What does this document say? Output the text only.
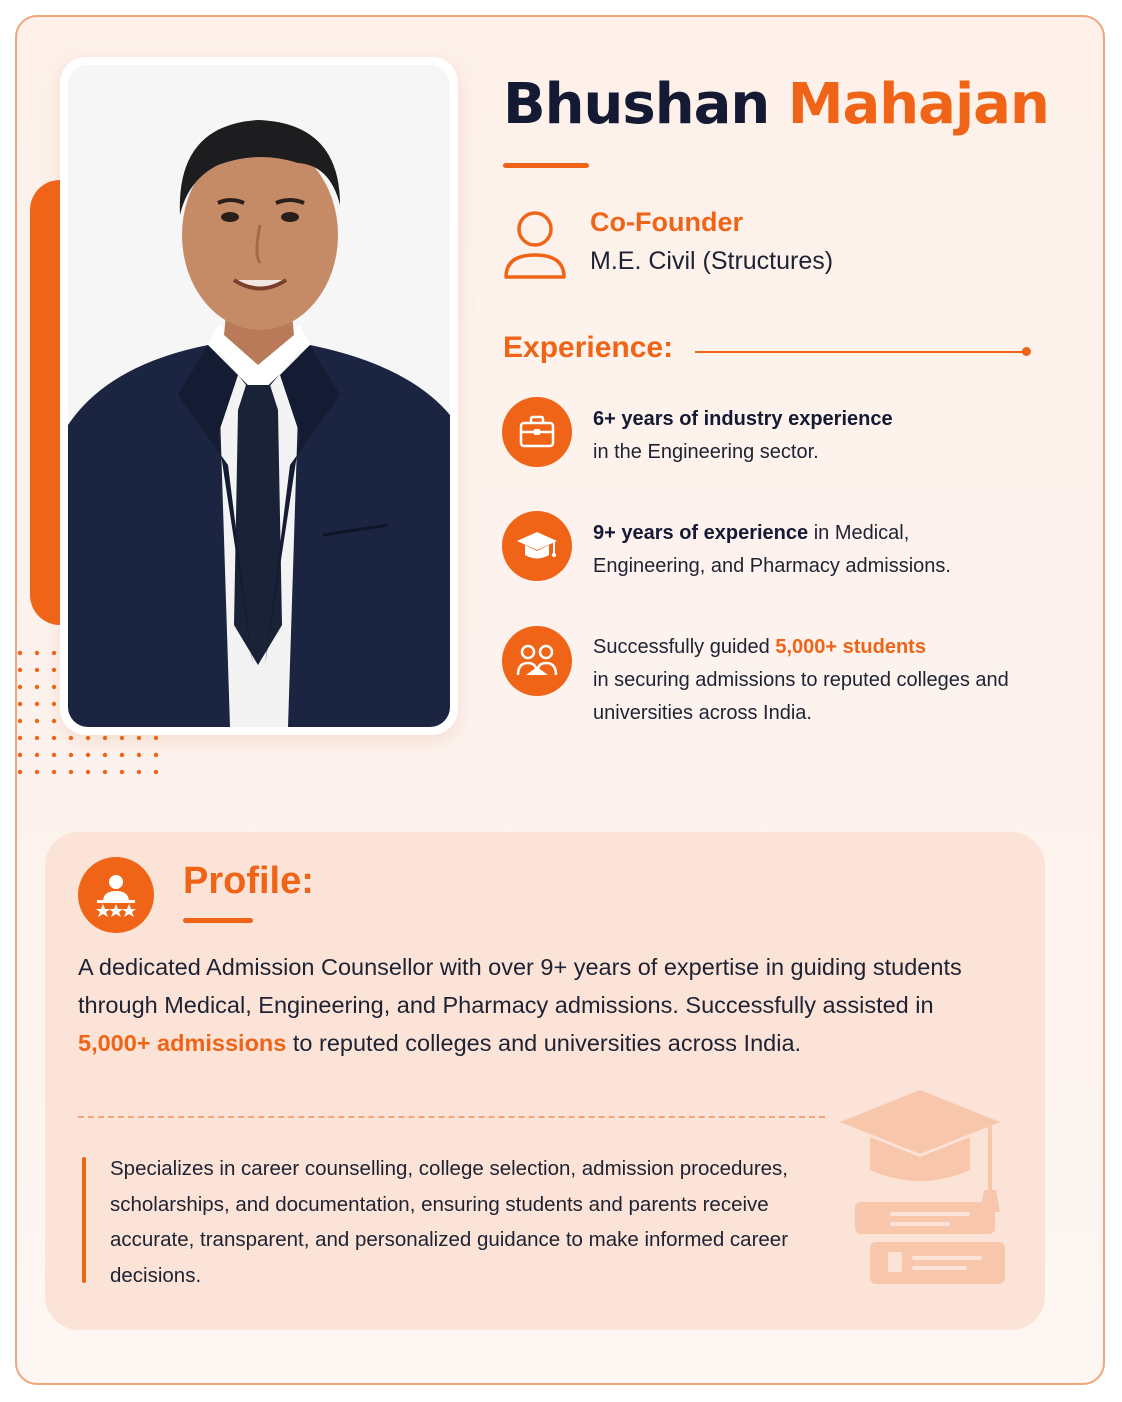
Bhushan Mahajan
Co-Founder
M.E. Civil (Structures)
Experience:
6+ years of industry experience
in the Engineering sector.
9+ years of experience in Medical, Engineering, and Pharmacy admissions.
Successfully guided 5,000+ students
in securing admissions to reputed colleges and universities across India.
Profile:
A dedicated Admission Counsellor with over 9+ years of expertise in guiding students through Medical, Engineering, and Pharmacy admissions. Successfully assisted in 5,000+ admissions to reputed colleges and universities across India.
Specializes in career counselling, college selection, admission procedures, scholarships, and documentation, ensuring students and parents receive accurate, transparent, and personalized guidance to make informed career decisions.
